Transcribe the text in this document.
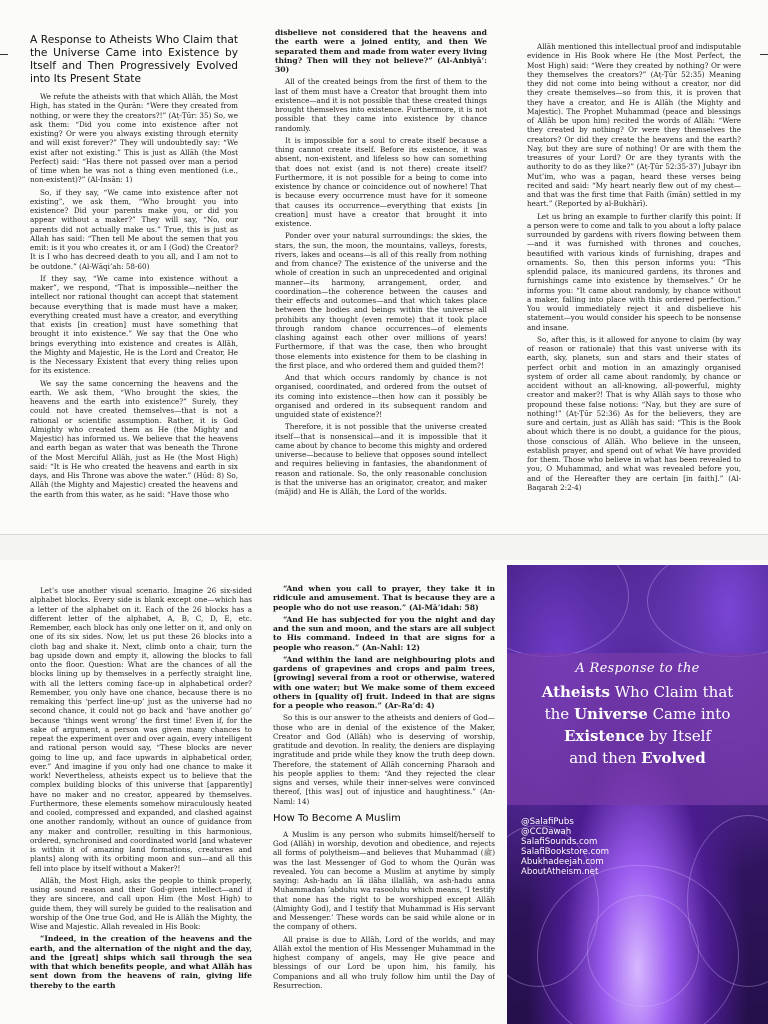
A Response to Atheists Who Claim that the Universe Came into Existence by Itself and Then Progressively Evolved into Its Present State

We refute the atheists with that which Allāh, the Most High, has stated in the Qurān: “Were they created from nothing, or were they the creators?!” (Aṭ-Ṭūr: 35) So, we ask them: “Did you come into existence after not existing? Or were you always existing through eternity and will exist forever?” They will undoubtedly say: “We exist after not existing.” This is just as Allāh (the Most Perfect) said: “Has there not passed over man a period of time when he was not a thing even mentioned (i.e., non-existent)?” (Al-Insān: 1)

So, if they say, “We came into existence after not existing”, we ask them, “Who brought you into existence? Did your parents make you, or did you appear without a maker?” They will say, “No, our parents did not actually make us.” True, this is just as Allah has said: “Then tell Me about the semen that you emit: is it you who creates it, or am I (God) the Creator? It is I who has decreed death to you all, and I am not to be outdone.” (Al-Wāqi’ah: 58-60)

If they say, “We came into existence without a maker”, we respond, “That is impossible—neither the intellect nor rational thought can accept that statement because everything that is made must have a maker, everything created must have a creator, and everything that exists [in creation] must have something that brought it into existence.” We say that the One who brings everything into existence and creates is Allāh, the Mighty and Majestic, He is the Lord and Creator, He is the Necessary Existent that every thing relies upon for its existence.

We say the same concerning the heavens and the earth. We ask them, “Who brought the skies, the heavens and the earth into existence?” Surely, they could not have created themselves—that is not a rational or scientific assumption. Rather, it is God Almighty who created them as He (the Mighty and Majestic) has informed us. We believe that the heavens and earth began as water that was beneath the Throne of the Most Merciful Allāh, just as He (the Most High) said: “It is He who created the heavens and earth in six days, and His Throne was above the water.” (Hūd: 8) So, Allāh (the Mighty and Majestic) created the heavens and the earth from this water, as he said: “Have those who

disbelieve not considered that the heavens and the earth were a joined entity, and then We separated them and made from water every living thing? Then will they not believe?” (Al-Anbiyā’: 30)

All of the created beings from the first of them to the last of them must have a Creator that brought them into existence—and it is not possible that these created things brought themselves into existence. Furthermore, it is not possible that they came into existence by chance randomly.

It is impossible for a soul to create itself because a thing cannot create itself. Before its existence, it was absent, non-existent, and lifeless so how can something that does not exist (and is not there) create itself? Furthermore, it is not possible for a being to come into existence by chance or coincidence out of nowhere! That is because every occurrence must have for it someone that causes its occurrence—everything that exists [in creation] must have a creator that brought it into existence.

Ponder over your natural surroundings: the skies, the stars, the sun, the moon, the mountains, valleys, forests, rivers, lakes and oceans—is all of this really from nothing and from chance? The existence of the universe and the whole of creation in such an unprecedented and original manner—its harmony, arrangement, order, and coordination—the coherence between the causes and their effects and outcomes—and that which takes place between the bodies and beings within the universe all prohibits any thought (even remote) that it took place through random chance occurrences—of elements clashing against each other over millions of years! Furthermore, if that was the case, then who brought those elements into existence for them to be clashing in the first place, and who ordered them and guided them?!

And that which occurs randomly by chance is not organised, coordinated, and ordered from the outset of its coming into existence—then how can it possibly be organised and ordered in its subsequent random and unguided state of existence?!

Therefore, it is not possible that the universe created itself—that is nonsensical—and it is impossible that it came about by chance to become this mighty and ordered universe—because to believe that opposes sound intellect and requires believing in fantasies, the abandonment of reason and rationale. So, the only reasonable conclusion is that the universe has an originator, creator, and maker (mājid) and He is Allāh, the Lord of the worlds.

Allāh mentioned this intellectual proof and indisputable evidence in His Book where He (the Most Perfect, the Most High) said: “Were they created by nothing? Or were they themselves the creators?” (Aṭ-Ṭūr 52:35) Meaning they did not come into being without a creator, nor did they create themselves—so from this, it is proven that they have a creator, and He is Allāh (the Mighty and Majestic). The Prophet Muhammad (peace and blessings of Allāh be upon him) recited the words of Allāh: “Were they created by nothing? Or were they themselves the creators? Or did they create the heavens and the earth? Nay, but they are sure of nothing! Or are with them the treasures of your Lord? Or are they tyrants with the authority to do as they like?” (Aṭ-Ṭūr 52:35-37) Jubayr ibn Mut’im, who was a pagan, heard these verses being recited and said: “My heart nearly flew out of my chest—and that was the first time that Faith (īmān) settled in my heart.” (Reported by al-Bukhārī).

Let us bring an example to further clarify this point: If a person were to come and talk to you about a lofty palace surrounded by gardens with rivers flowing between them—and it was furnished with thrones and couches, beautified with various kinds of furnishing, drapes and ornaments. So, then this person informs you: “This splendid palace, its manicured gardens, its thrones and furnishings came into existence by themselves.” Or he informs you: “It came about randomly, by chance without a maker, falling into place with this ordered perfection.” You would immediately reject it and disbelieve his statement—you would consider his speech to be nonsense and insane.

So, after this, is it allowed for anyone to claim (by way of reason or rationale) that this vast universe with its earth, sky, planets, sun and stars and their states of perfect orbit and motion in an amazingly organised system of order all came about randomly, by chance or accident without an all-knowing, all-powerful, mighty creator and maker?! That is why Allāh says to those who propound these false notions: “Nay, but they are sure of nothing!” (Aṭ-Ṭūr 52:36) As for the believers, they are sure and certain, just as Allāh has said: “This is the Book about which there is no doubt, a guidance for the pious, those conscious of Allāh. Who believe in the unseen, establish prayer, and spend out of what We have provided for them. Those who believe in what has been revealed to you, O Muhammad, and what was revealed before you, and of the Hereafter they are certain [in faith].” (Al-Baqarah 2:2-4)

Let’s use another visual scenario. Imagine 26 six-sided alphabet blocks. Every side is blank except one—which has a letter of the alphabet on it. Each of the 26 blocks has a different letter of the alphabet, A, B, C, D, E, etc. Remember, each block has only one letter on it, and only on one of its six sides. Now, let us put these 26 blocks into a cloth bag and shake it. Next, climb onto a chair, turn the bag upside down and empty it, allowing the blocks to fall onto the floor. Question: What are the chances of all the blocks lining up by themselves in a perfectly straight line, with all the letters coming face-up in alphabetical order? Remember, you only have one chance, because there is no remaking this ‘perfect line-up’ just as the universe had no second chance, it could not go back and ‘have another go’ because ‘things went wrong’ the first time! Even if, for the sake of argument, a person was given many chances to repeat the experiment over and over again, every intelligent and rational person would say, “These blocks are never going to line up, and face upwards in alphabetical order, ever.” And imagine if you only had one chance to make it work! Nevertheless, atheists expect us to believe that the complex building blocks of this universe that [apparently] have no maker and no creator, appeared by themselves. Furthermore, these elements somehow miraculously heated and cooled, compressed and expanded, and clashed against one another randomly, without an ounce of guidance from any maker and controller, resulting in this harmonious, ordered, synchronised and coordinated world [and whatever is within it of amazing land formations, creatures and plants] along with its orbiting moon and sun—and all this fell into place by itself without a Maker?!

Allāh, the Most High, asks the people to think properly, using sound reason and their God-given intellect—and if they are sincere, and call upon Him (the Most High) to guide them, they will surely be guided to the realisation and worship of the One true God, and He is Allāh the Mighty, the Wise and Majestic. Allah revealed in His Book:

“Indeed, in the creation of the heavens and the earth, and the alternation of the night and the day, and the [great] ships which sail through the sea with that which benefits people, and what Allāh has sent down from the heavens of rain, giving life thereby to the earth

“And when you call to prayer, they take it in ridicule and amusement. That is because they are a people who do not use reason.” (Al-Mā’idah: 58)

“And He has subjected for you the night and day and the sun and moon, and the stars are all subject to His command. Indeed in that are signs for a people who reason.” (An-Nahl: 12)

“And within the land are neighbouring plots and gardens of grapevines and crops and palm trees, [growing] several from a root or otherwise, watered with one water; but We make some of them exceed others in [quality of] fruit. Indeed in that are signs for a people who reason.” (Ar-Ra’d: 4)

So this is our answer to the atheists and deniers of God—those who are in denial of the existence of the Maker, Creator and God (Allāh) who is deserving of worship, gratitude and devotion. In reality, the deniers are displaying ingratitude and pride while they know the truth deep down. Therefore, the statement of Allāh concerning Pharaoh and his people applies to them: “And they rejected the clear signs and verses, while their inner-selves were convinced thereof, [this was] out of injustice and haughtiness.” (An-Naml: 14)

How To Become A Muslim

A Muslim is any person who submits himself/herself to God (Allāh) in worship, devotion and obedience, and rejects all forms of polytheism—and believes that Muhammad (ﷺ) was the last Messenger of God to whom the Qurān was revealed. You can become a Muslim at anytime by simply saying: Ash-hadu an lā ilāha illallāh, wa ash-hadu anna Muhammadan ’abduhu wa rasooluhu which means, ‘I testify that none has the right to be worshipped except Allāh (Almighty God), and I testify that Muhammad is His servant and Messenger.’ These words can be said while alone or in the company of others.

All praise is due to Allāh, Lord of the worlds, and may Allāh extol the mention of His Messenger Muhammad in the highest company of angels, may He give peace and blessings of our Lord be upon him, his family, his Companions and all who truly follow him until the Day of Resurrection.

A Response to the
Atheists Who Claim that
the Universe Came into
Existence by Itself
and then Evolved
@SalafiPubs
@CCDawah
SalafiSounds.com
SalafiBookstore.com
Abukhadeejah.com
AboutAtheism.net
